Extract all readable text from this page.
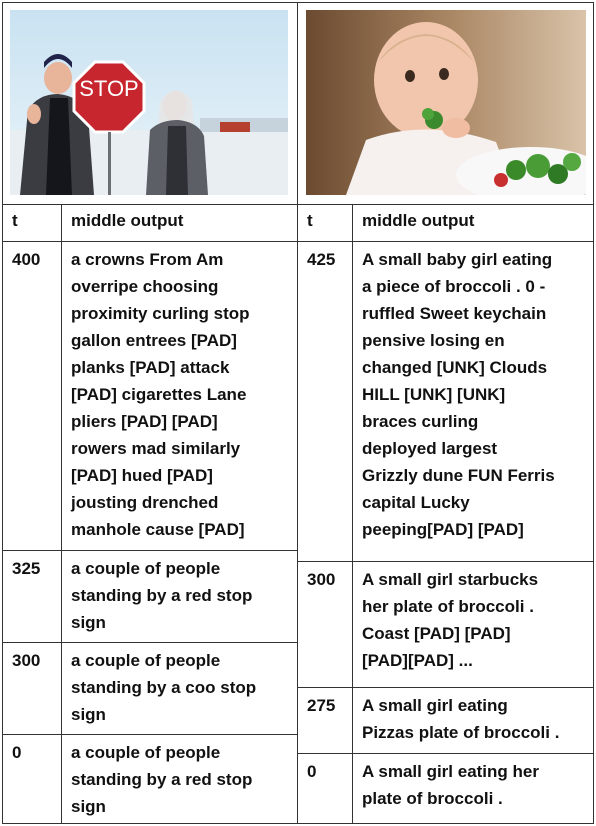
STOP
t	middle output
400	a crowns From Am
overripe choosing
proximity curling stop
gallon entrees [PAD]
planks [PAD] attack
[PAD] cigarettes Lane
pliers [PAD] [PAD]
rowers mad similarly
[PAD] hued [PAD]
jousting drenched
manhole cause [PAD]
325	a couple of people
standing by a red stop
sign
300	a couple of people
standing by a coo stop
sign
0	a couple of people
standing by a red stop
sign
t	middle output
425	A small baby girl eating
a piece of broccoli . 0 -
ruffled Sweet keychain
pensive losing en
changed [UNK] Clouds
HILL [UNK] [UNK]
braces curling
deployed largest
Grizzly dune FUN Ferris
capital Lucky
peeping[PAD] [PAD]
300	A small girl starbucks
her plate of broccoli .
Coast [PAD] [PAD]
[PAD][PAD] ...
275	A small girl eating
Pizzas plate of broccoli .
0	A small girl eating her
plate of broccoli .
